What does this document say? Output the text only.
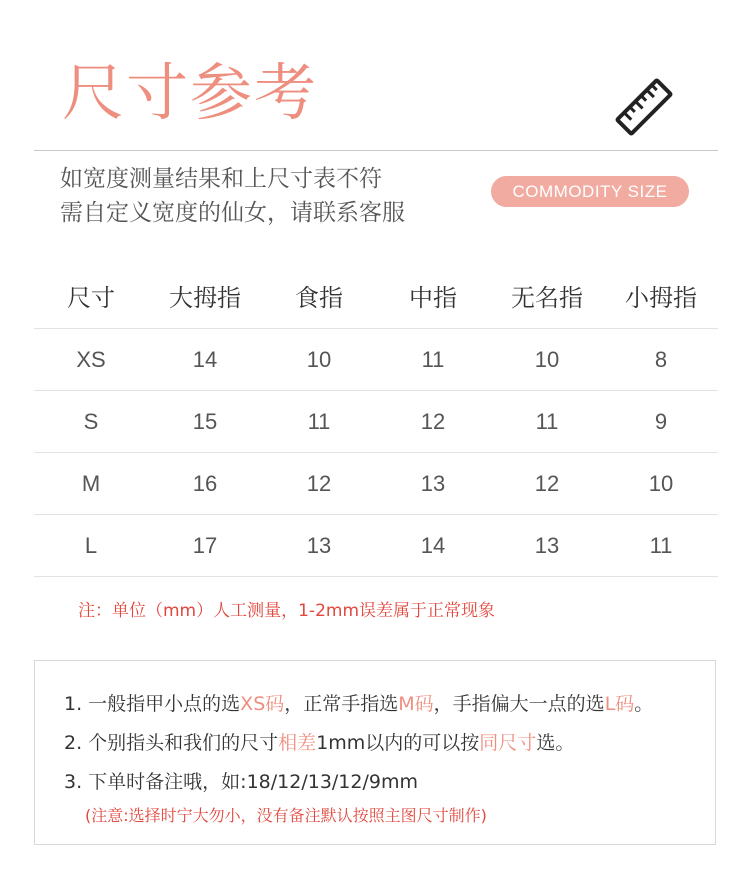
尺寸参考
如宽度测量结果和上尺寸表不符
需自定义宽度的仙女，请联系客服
COMMODITY SIZE
尺寸	大拇指	食指	中指	无名指	小拇指
XS	14	10	11	10	8
S	15	11	12	11	9
M	16	12	13	12	10
L	17	13	14	13	11
注：单位（mm）人工测量，1-2mm误差属于正常现象
1. 一般指甲小点的选XS码，正常手指选M码，手指偏大一点的选L码。
2. 个别指头和我们的尺寸相差1mm以内的可以按同尺寸选。
3. 下单时备注哦，如:18/12/13/12/9mm
(注意:选择时宁大勿小，没有备注默认按照主图尺寸制作)
